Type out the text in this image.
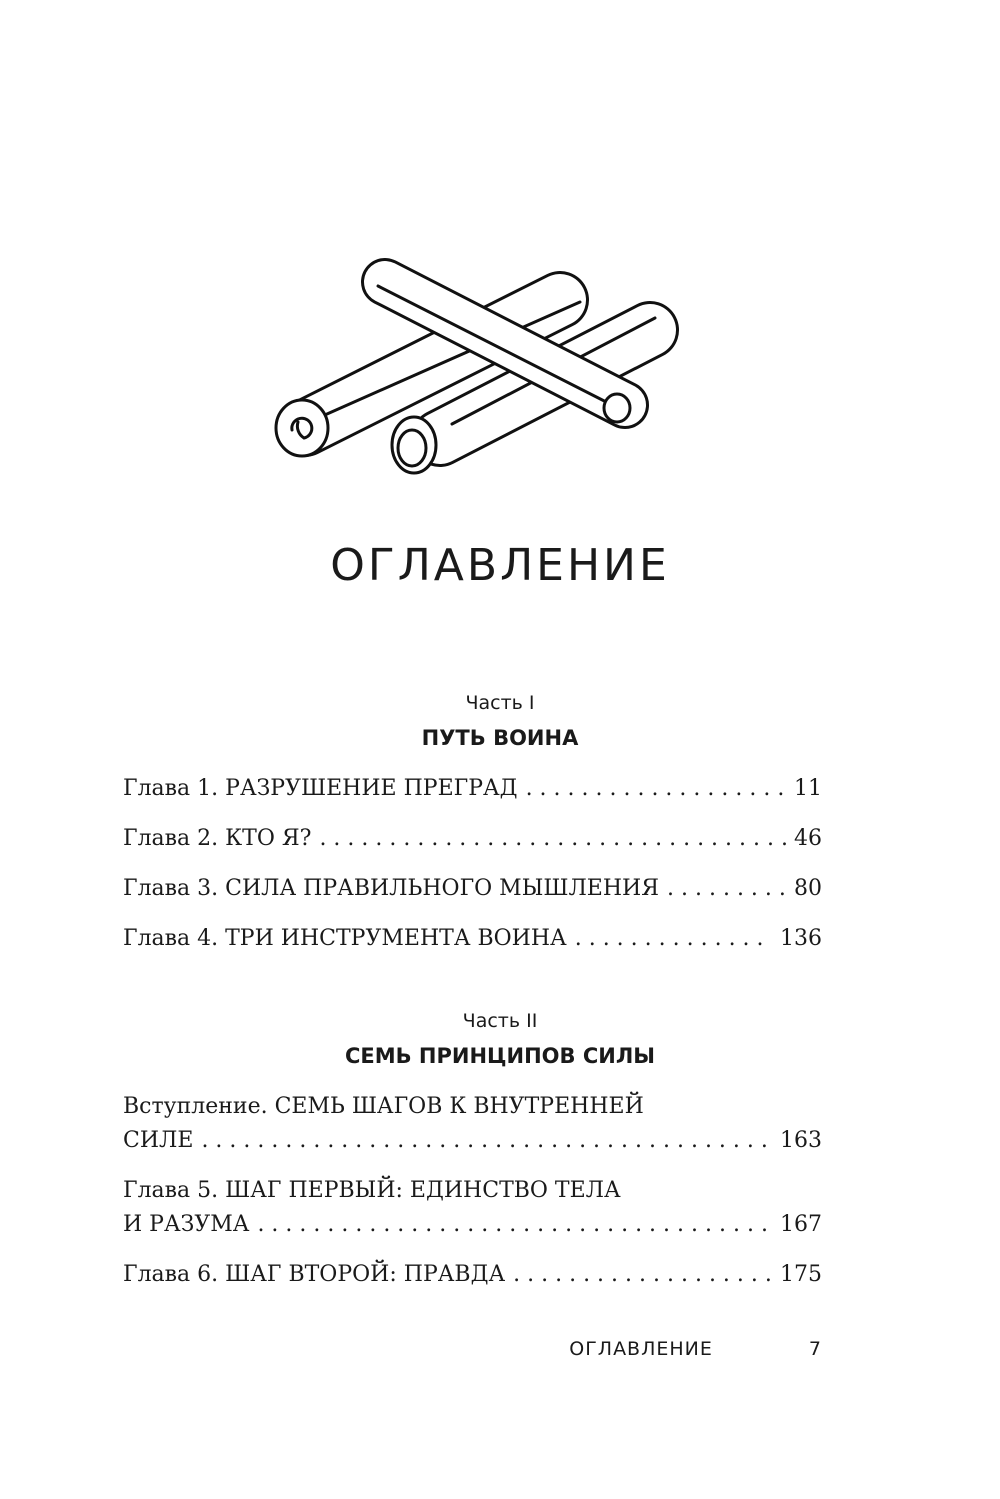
ОГЛАВЛЕНИЕ
Часть I
ПУТЬ ВОИНА
Глава 1. РАЗРУШЕНИЕ ПРЕГРАД . . .	11
Глава 2. КТО Я? . . .	46
Глава 3. СИЛА ПРАВИЛЬНОГО МЫШЛЕНИЯ . . .	80
Глава 4. ТРИ ИНСТРУМЕНТА ВОИНА . . .	136
Часть II
СЕМЬ ПРИНЦИПОВ СИЛЫ
Вступление. СЕМЬ ШАГОВ К ВНУТРЕННЕЙ
СИЛЕ . . .	163
Глава 5. ШАГ ПЕРВЫЙ: ЕДИНСТВО ТЕЛА
И РАЗУМА . . .	167
Глава 6. ШАГ ВТОРОЙ: ПРАВДА . . .	175
ОГЛАВЛЕНИЕ	7
